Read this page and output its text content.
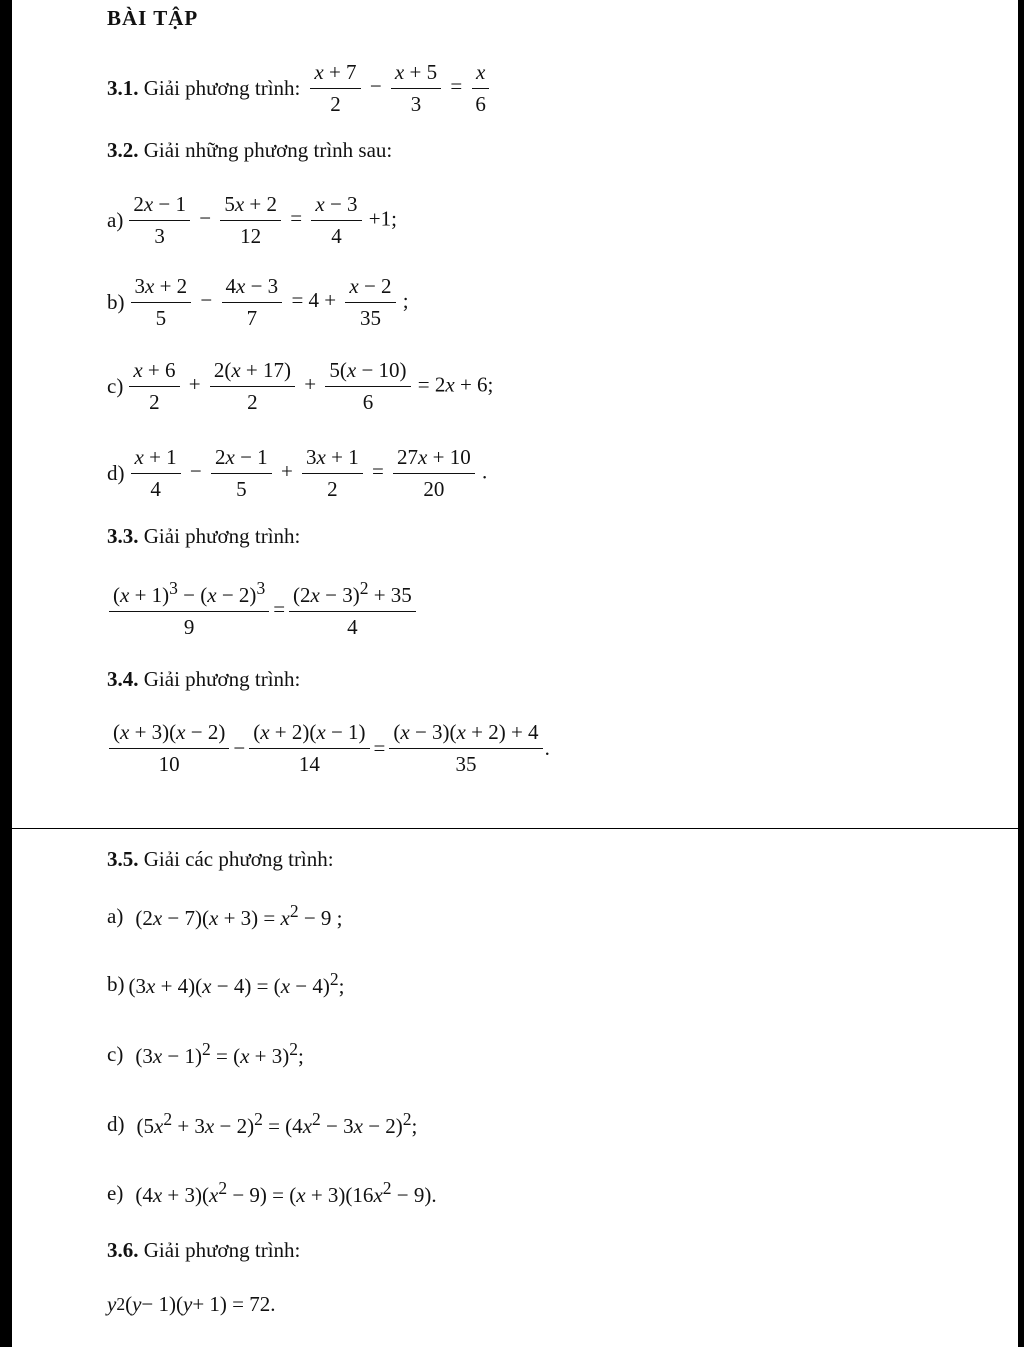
BÀI TẬP
3.1. Giải phương trình: $\frac{x + 7}{2} - \frac{x + 5}{3} = \frac{x}{6}$
3.2. Giải những phương trình sau:
$a) \frac{2x - 1}{3} - \frac{5x + 2}{12} = \frac{x - 3}{4} +1$;
$b) \frac{3x + 2}{5} - \frac{4x - 3}{7} = 4 + \frac{x - 2}{35}$ ;
$c) \frac{x + 6}{2} + \frac{2(x + 17)}{2} + \frac{5(x - 10)}{6} = 2x + 6$;
$d) \frac{x + 1}{4} - \frac{2x - 1}{5} + \frac{3x + 1}{2} = \frac{27x + 10}{20}$ .
3.3. Giải phương trình:
$\frac{(x + 1)^3 - (x - 2)^3}{9} = \frac{(2x - 3)^2 + 35}{4}$
3.4. Giải phương trình:
$\frac{(x + 3)(x - 2)}{10} - \frac{(x + 2)(x - 1)}{14} = \frac{(x - 3)(x + 2) + 4}{35}$ .
3.5. Giải các phương trình:
a) $(2x - 7)(x + 3) = x^2 - 9$ ;
b) $(3x + 4)(x - 4) = (x - 4)^2$;
c) $(3x - 1)^2 = (x + 3)^2$;
d) $(5x^2 + 3x - 2)^2 = (4x^2 - 3x - 2)^2$;
e) $(4x + 3)(x^2 - 9) = (x + 3)(16x^2 - 9)$.
3.6. Giải phương trình:
y 2 ( y − 1)( y + 1) = 72.
